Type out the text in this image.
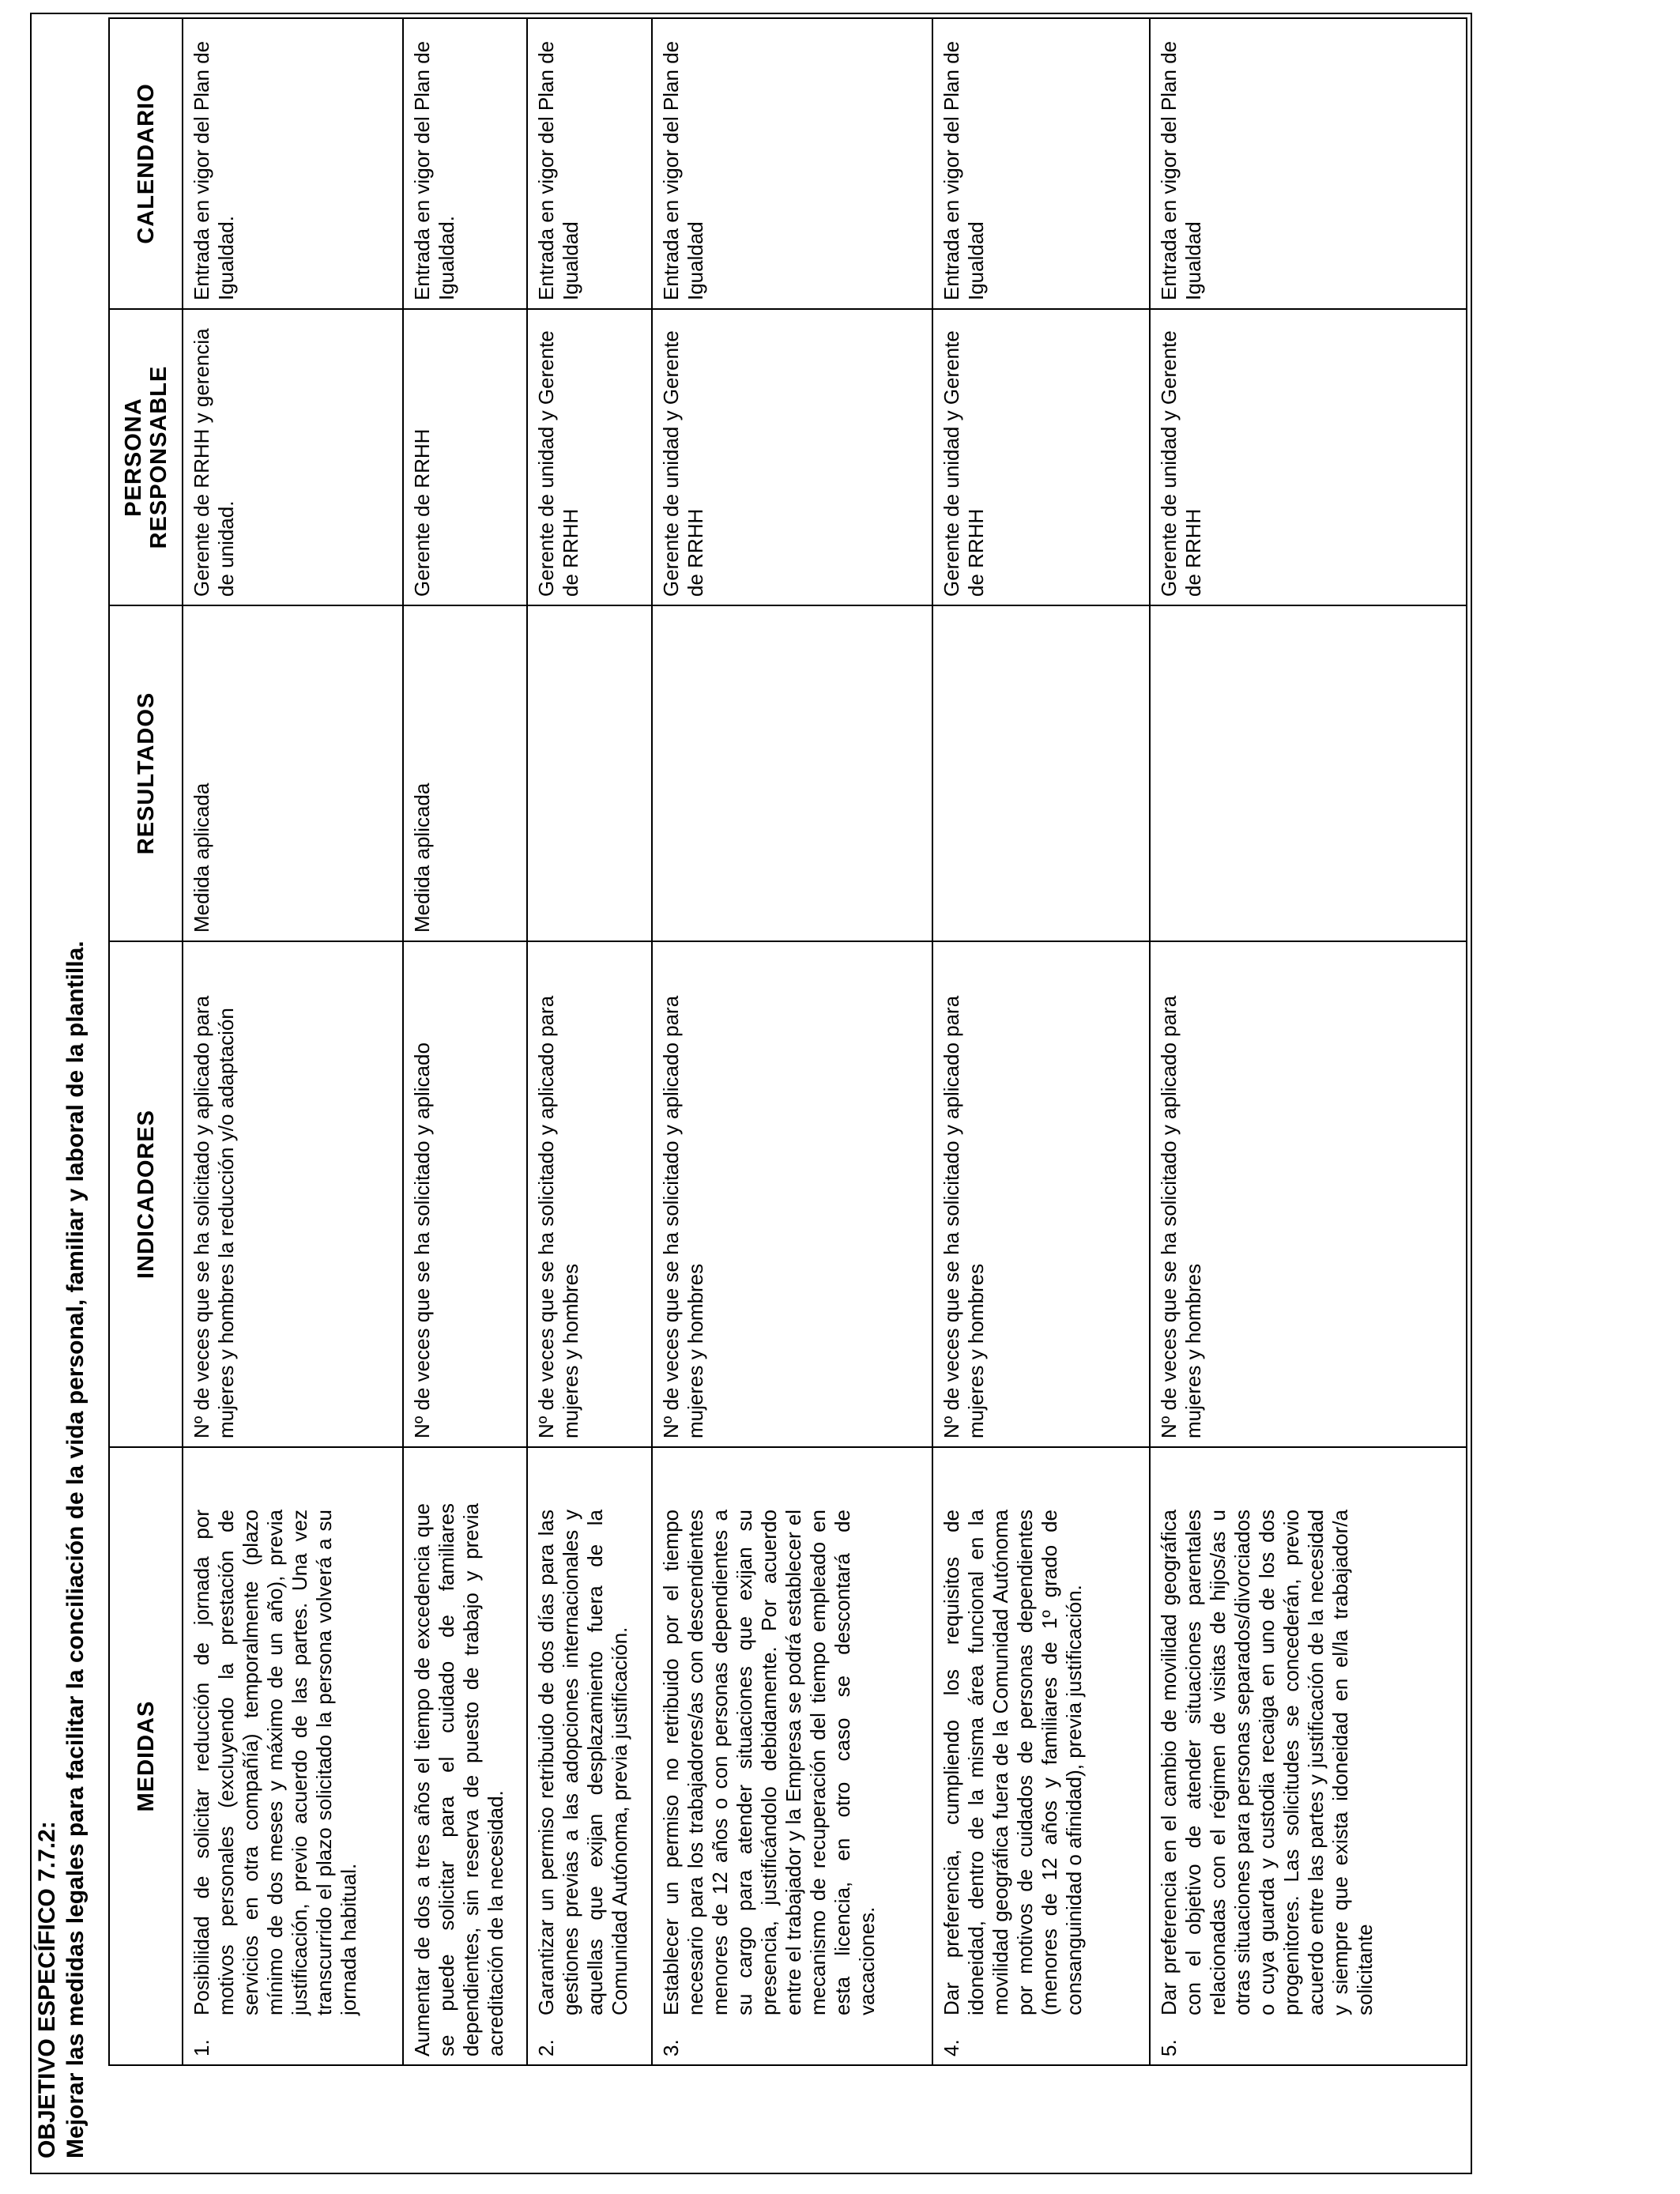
OBJETIVO ESPECÍFICO 7.7.2: Mejorar las medidas legales para facilitar la conciliación de la vida personal, familiar y laboral de la plantilla. MEDIDAS	INDICADORES	RESULTADOS	PERSONA RESPONSABLE	CALENDARIO
1.Posibilidad de solicitar reducción de jornada por motivos personales (excluyendo la prestación de servicios en otra compañía) temporalmente (plazo mínimo de dos meses y máximo de un año), previa justificación, previo acuerdo de las partes. Una vez transcurrido el plazo solicitado la persona volverá a su jornada habitual.	Nº de veces que se ha solicitado y aplicado para mujeres y hombres la reducción y/o adaptación	Medida aplicada	Gerente de RRHH y gerencia de unidad.	Entrada en vigor del Plan de Igualdad.
Aumentar de dos a tres años el tiempo de excedencia que se puede solicitar para el cuidado de familiares dependientes, sin reserva de puesto de trabajo y previa acreditación de la necesidad.	Nº de veces que se ha solicitado y aplicado	Medida aplicada	Gerente de RRHH	Entrada en vigor del Plan de Igualdad.
2.Garantizar un permiso retribuido de dos días para las gestiones previas a las adopciones internacionales y aquellas que exijan desplazamiento fuera de la Comunidad Autónoma, previa justificación.	Nº de veces que se ha solicitado y aplicado para mujeres y hombres		Gerente de unidad y Gerente de RRHH	Entrada en vigor del Plan de Igualdad
3.Establecer un permiso no retribuido por el tiempo necesario para los trabajadores/as con descendientes menores de 12 años o con personas dependientes a su cargo para atender situaciones que exijan su presencia, justificándolo debidamente. Por acuerdo entre el trabajador y la Empresa se podrá establecer el mecanismo de recuperación del tiempo empleado en esta licencia, en otro caso se descontará de vacaciones.	Nº de veces que se ha solicitado y aplicado para mujeres y hombres		Gerente de unidad y Gerente de RRHH	Entrada en vigor del Plan de Igualdad
4.Dar preferencia, cumpliendo los requisitos de idoneidad, dentro de la misma área funcional en la movilidad geográfica fuera de la Comunidad Autónoma por motivos de cuidados de personas dependientes (menores de 12 años y familiares de 1º grado de consanguinidad o afinidad), previa justificación.	Nº de veces que se ha solicitado y aplicado para mujeres y hombres		Gerente de unidad y Gerente de RRHH	Entrada en vigor del Plan de Igualdad
5.Dar preferencia en el cambio de movilidad geográfica con el objetivo de atender situaciones parentales relacionadas con el régimen de visitas de hijos/as u otras situaciones para personas separados/divorciados o cuya guarda y custodia recaiga en uno de los dos progenitores. Las solicitudes se concederán, previo acuerdo entre las partes y justificación de la necesidad y siempre que exista idoneidad en el/la trabajador/a solicitante	Nº de veces que se ha solicitado y aplicado para mujeres y hombres		Gerente de unidad y Gerente de RRHH	Entrada en vigor del Plan de Igualdad
